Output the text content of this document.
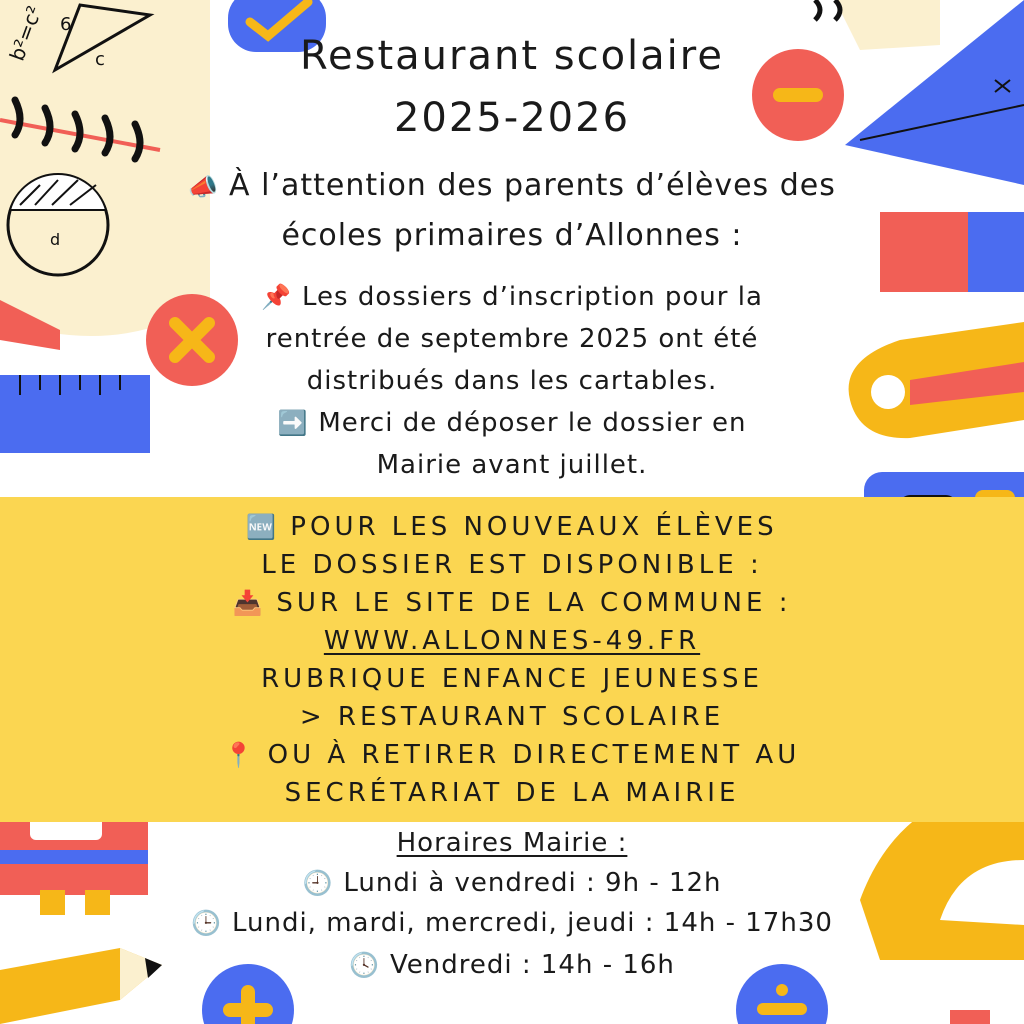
d
6
c
b²=c²	Restaurant scolaire
2025-2026
📣 À l’attention des parents d’élèves des
écoles primaires d’Allonnes :
📌 Les dossiers d’inscription pour la
rentrée de septembre 2025 ont été
distribués dans les cartables.
➡️ Merci de déposer le dossier en
Mairie avant juillet.
🆕 POUR LES NOUVEAUX ÉLÈVES
LE DOSSIER EST DISPONIBLE :
📥 SUR LE SITE DE LA COMMUNE :
WWW.ALLONNES-49.FR
RUBRIQUE ENFANCE JEUNESSE
> RESTAURANT SCOLAIRE
📍 OU À RETIRER DIRECTEMENT AU
SECRÉTARIAT DE LA MAIRIE
Horaires Mairie :
🕘 Lundi à vendredi : 9h - 12h
🕒 Lundi, mardi, mercredi, jeudi : 14h - 17h30
🕓 Vendredi : 14h - 16h
